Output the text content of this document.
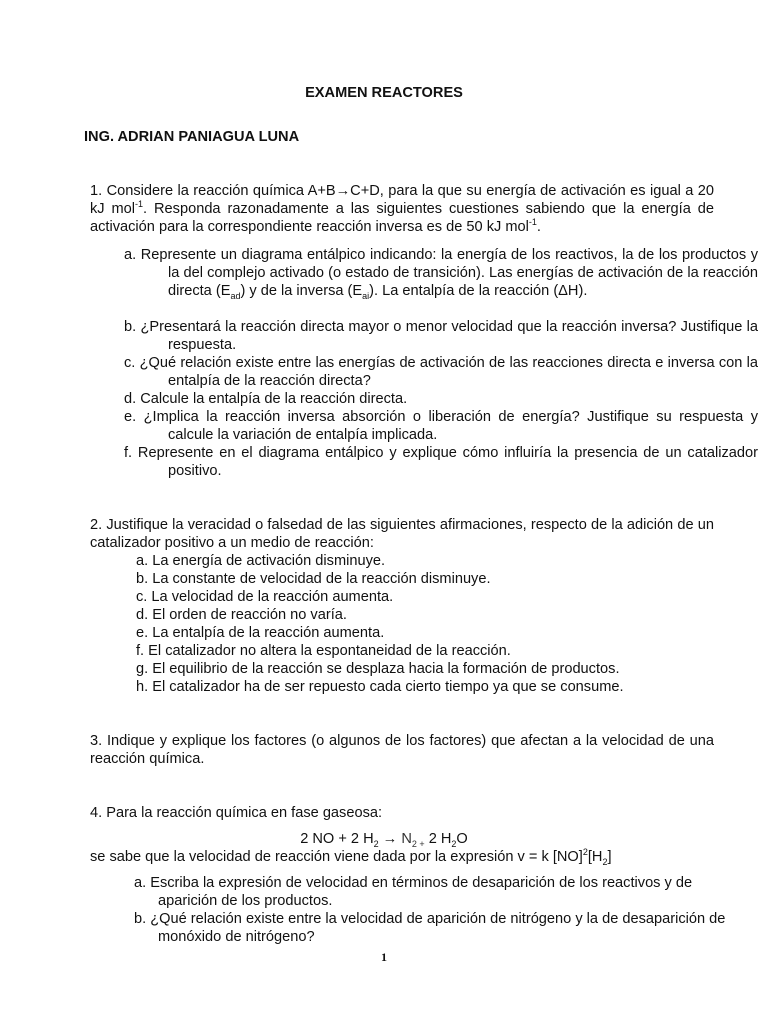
EXAMEN REACTORES
ING. ADRIAN PANIAGUA LUNA
1. Considere la reacción química A+B→C+D, para la que su energía de activación es igual a 20 kJ mol$^{-1}$. Responda razonadamente a las siguientes cuestiones sabiendo que la energía de activación para la correspondiente reacción inversa es de 50 kJ mol$^{-1}$.
a. Represente un diagrama entálpico indicando: la energía de los reactivos, la de los productos y la del complejo activado (o estado de transición). Las energías de activación de la reacción directa $(E_{ad})$ y de la inversa $(E_{ai})$. La entalpía de la reacción (ΔH).
b. ¿Presentará la reacción directa mayor o menor velocidad que la reacción inversa? Justifique la respuesta.
c. ¿Qué relación existe entre las energías de activación de las reacciones directa e inversa con la entalpía de la reacción directa?
d. Calcule la entalpía de la reacción directa.
e. ¿Implica la reacción inversa absorción o liberación de energía? Justifique su respuesta y calcule la variación de entalpía implicada.
f. Represente en el diagrama entálpico y explique cómo influiría la presencia de un catalizador positivo.
2. Justifique la veracidad o falsedad de las siguientes afirmaciones, respecto de la adición de un catalizador positivo a un medio de reacción:
a. La energía de activación disminuye.
b. La constante de velocidad de la reacción disminuye.
c. La velocidad de la reacción aumenta.
d. El orden de reacción no varía.
e. La entalpía de la reacción aumenta.
f. El catalizador no altera la espontaneidad de la reacción.
g. El equilibrio de la reacción se desplaza hacia la formación de productos.
h. El catalizador ha de ser repuesto cada cierto tiempo ya que se consume.
3. Indique y explique los factores (o algunos de los factores) que afectan a la velocidad de una reacción química.
4. Para la reacción química en fase gaseosa:
2 NO + 2 $H_2 \to N_{2 +}$ 2 $H_2O$
se sabe que la velocidad de reacción viene dada por la expresión v = k $[NO]^2[H_2]$
a. Escriba la expresión de velocidad en términos de desaparición de los reactivos y de aparición de los productos.
b. ¿Qué relación existe entre la velocidad de aparición de nitrógeno y la de desaparición de monóxido de nitrógeno?
1
